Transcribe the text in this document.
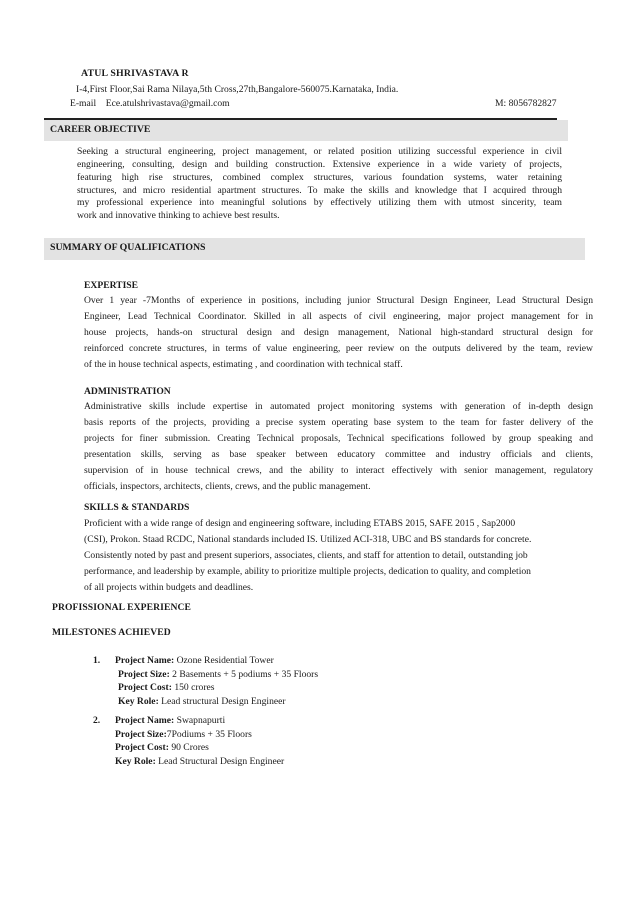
ATUL SHRIVASTAVA R
I-4,First Floor,Sai Rama Nilaya,5th Cross,27th,Bangalore-560075.Karnataka, India.
E-mail Ece.atulshrivastava@gmail.com	M: 8056782827
CAREER OBJECTIVE
Seeking a structural engineering, project management, or related position utilizing successful experience in civil
engineering, consulting, design and building construction. Extensive experience in a wide variety of projects,
featuring high rise structures, combined complex structures, various foundation systems, water retaining
structures, and micro residential apartment structures. To make the skills and knowledge that I acquired through
my professional experience into meaningful solutions by effectively utilizing them with utmost sincerity, team
work and innovative thinking to achieve best results.
SUMMARY OF QUALIFICATIONS
EXPERTISE
Over 1 year -7Months of experience in positions, including junior Structural Design Engineer, Lead Structural Design
Engineer, Lead Technical Coordinator. Skilled in all aspects of civil engineering, major project management for in
house projects, hands-on structural design and design management, National high-standard structural design for
reinforced concrete structures, in terms of value engineering, peer review on the outputs delivered by the team, review
of the in house technical aspects, estimating , and coordination with technical staff.
ADMINISTRATION
Administrative skills include expertise in automated project monitoring systems with generation of in-depth design
basis reports of the projects, providing a precise system operating base system to the team for faster delivery of the
projects for finer submission. Creating Technical proposals, Technical specifications followed by group speaking and
presentation skills, serving as base speaker between educatory committee and industry officials and clients,
supervision of in house technical crews, and the ability to interact effectively with senior management, regulatory
officials, inspectors, architects, clients, crews, and the public management.
SKILLS & STANDARDS
Proficient with a wide range of design and engineering software, including ETABS 2015, SAFE 2015 , Sap2000
(CSI), Prokon. Staad RCDC, National standards included IS. Utilized ACI-318, UBC and BS standards for concrete.
Consistently noted by past and present superiors, associates, clients, and staff for attention to detail, outstanding job
performance, and leadership by example, ability to prioritize multiple projects, dedication to quality, and completion
of all projects within budgets and deadlines.
PROFISSIONAL EXPERIENCE
MILESTONES ACHIEVED
1. Project Name: Ozone Residential Tower
Project Size: 2 Basements + 5 podiums + 35 Floors
Project Cost: 150 crores
Key Role: Lead structural Design Engineer
2. Project Name: Swapnapurti
Project Size:7Podiums + 35 Floors
Project Cost: 90 Crores
Key Role: Lead Structural Design Engineer
